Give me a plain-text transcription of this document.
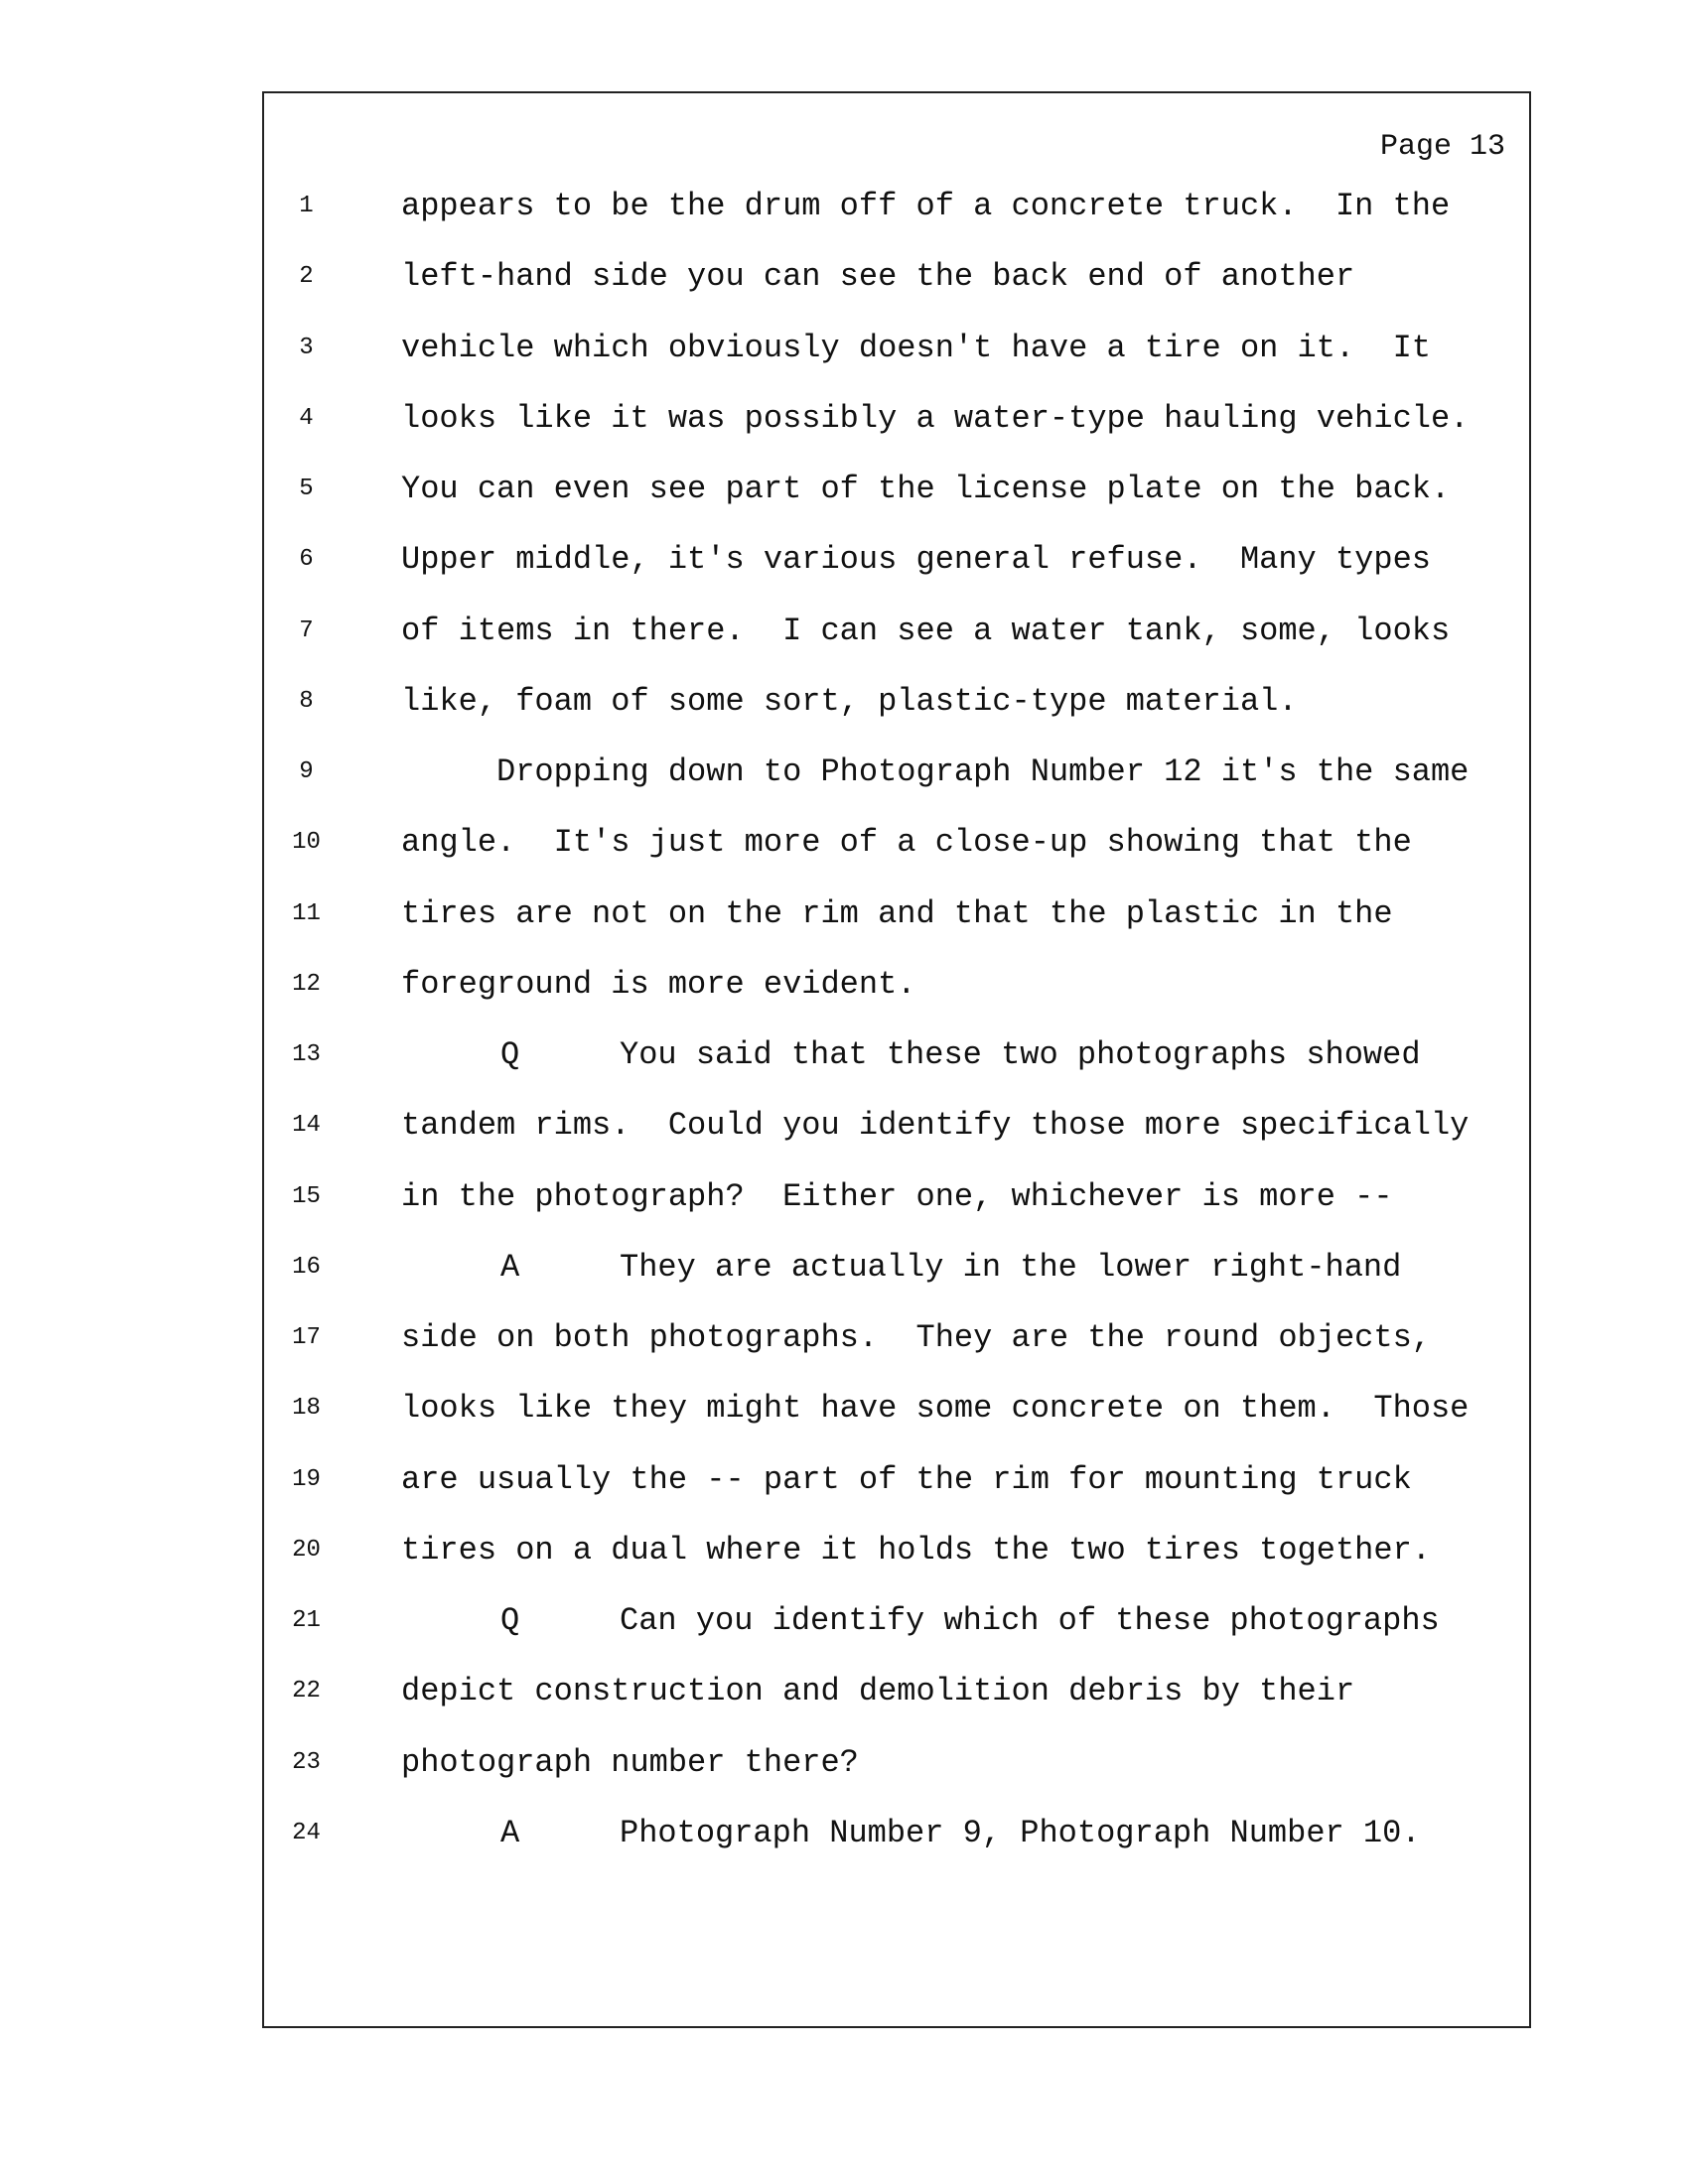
Page 13
1	appears to be the drum off of a concrete truck.  In the
2	left-hand side you can see the back end of another
3	vehicle which obviously doesn't have a tire on it.  It
4	looks like it was possibly a water-type hauling vehicle.
5	You can even see part of the license plate on the back.
6	Upper middle, it's various general refuse.  Many types
7	of items in there.  I can see a water tank, some, looks
8	like, foam of some sort, plastic-type material.
9	Dropping down to Photograph Number 12 it's the same
10	angle.  It's just more of a close-up showing that the
11	tires are not on the rim and that the plastic in the
12	foreground is more evident.
13	Q	You said that these two photographs showed
14	tandem rims.  Could you identify those more specifically
15	in the photograph?  Either one, whichever is more --
16	A	They are actually in the lower right-hand
17	side on both photographs.  They are the round objects,
18	looks like they might have some concrete on them.  Those
19	are usually the -- part of the rim for mounting truck
20	tires on a dual where it holds the two tires together.
21	Q	Can you identify which of these photographs
22	depict construction and demolition debris by their
23	photograph number there?
24	A	Photograph Number 9, Photograph Number 10.
